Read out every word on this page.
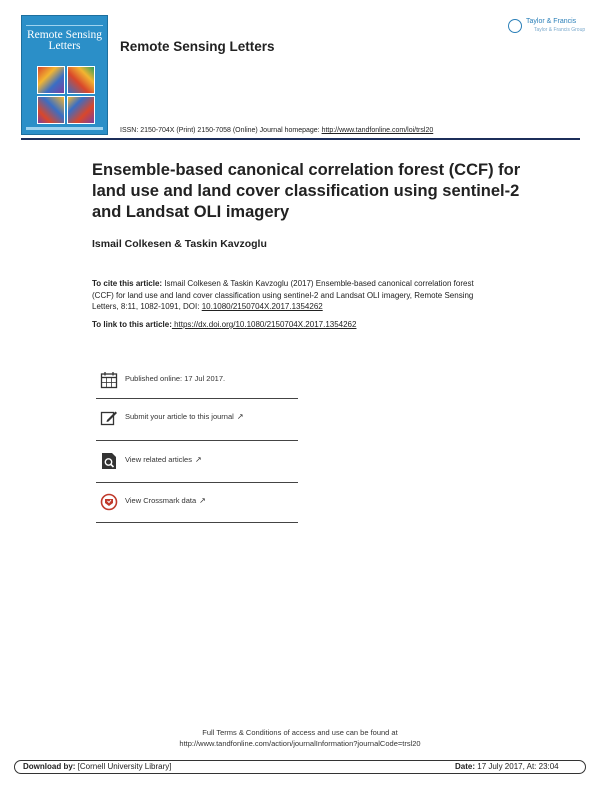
Remote Sensing
Letters	Remote Sensing Letters
Taylor & Francis
Taylor & Francis Group
ISSN: 2150-704X (Print) 2150-7058 (Online) Journal homepage: http://www.tandfonline.com/loi/trsl20
Ensemble-based canonical correlation forest (CCF) for land use and land cover classification using sentinel-2 and Landsat OLI imagery
Ismail Colkesen & Taskin Kavzoglu
To cite this article: Ismail Colkesen & Taskin Kavzoglu (2017) Ensemble-based canonical correlation forest (CCF) for land use and land cover classification using sentinel-2 and Landsat OLI imagery, Remote Sensing Letters, 8:11, 1082-1091, DOI: 10.1080/2150704X.2017.1354262
To link to this article: https://dx.doi.org/10.1080/2150704X.2017.1354262
Published online: 17 Jul 2017.
Submit your article to this journal ↗
View related articles ↗
View Crossmark data ↗
Full Terms & Conditions of access and use can be found at
http://www.tandfonline.com/action/journalInformation?journalCode=trsl20
Download by: [Cornell University Library]	Date: 17 July 2017, At: 23:04
